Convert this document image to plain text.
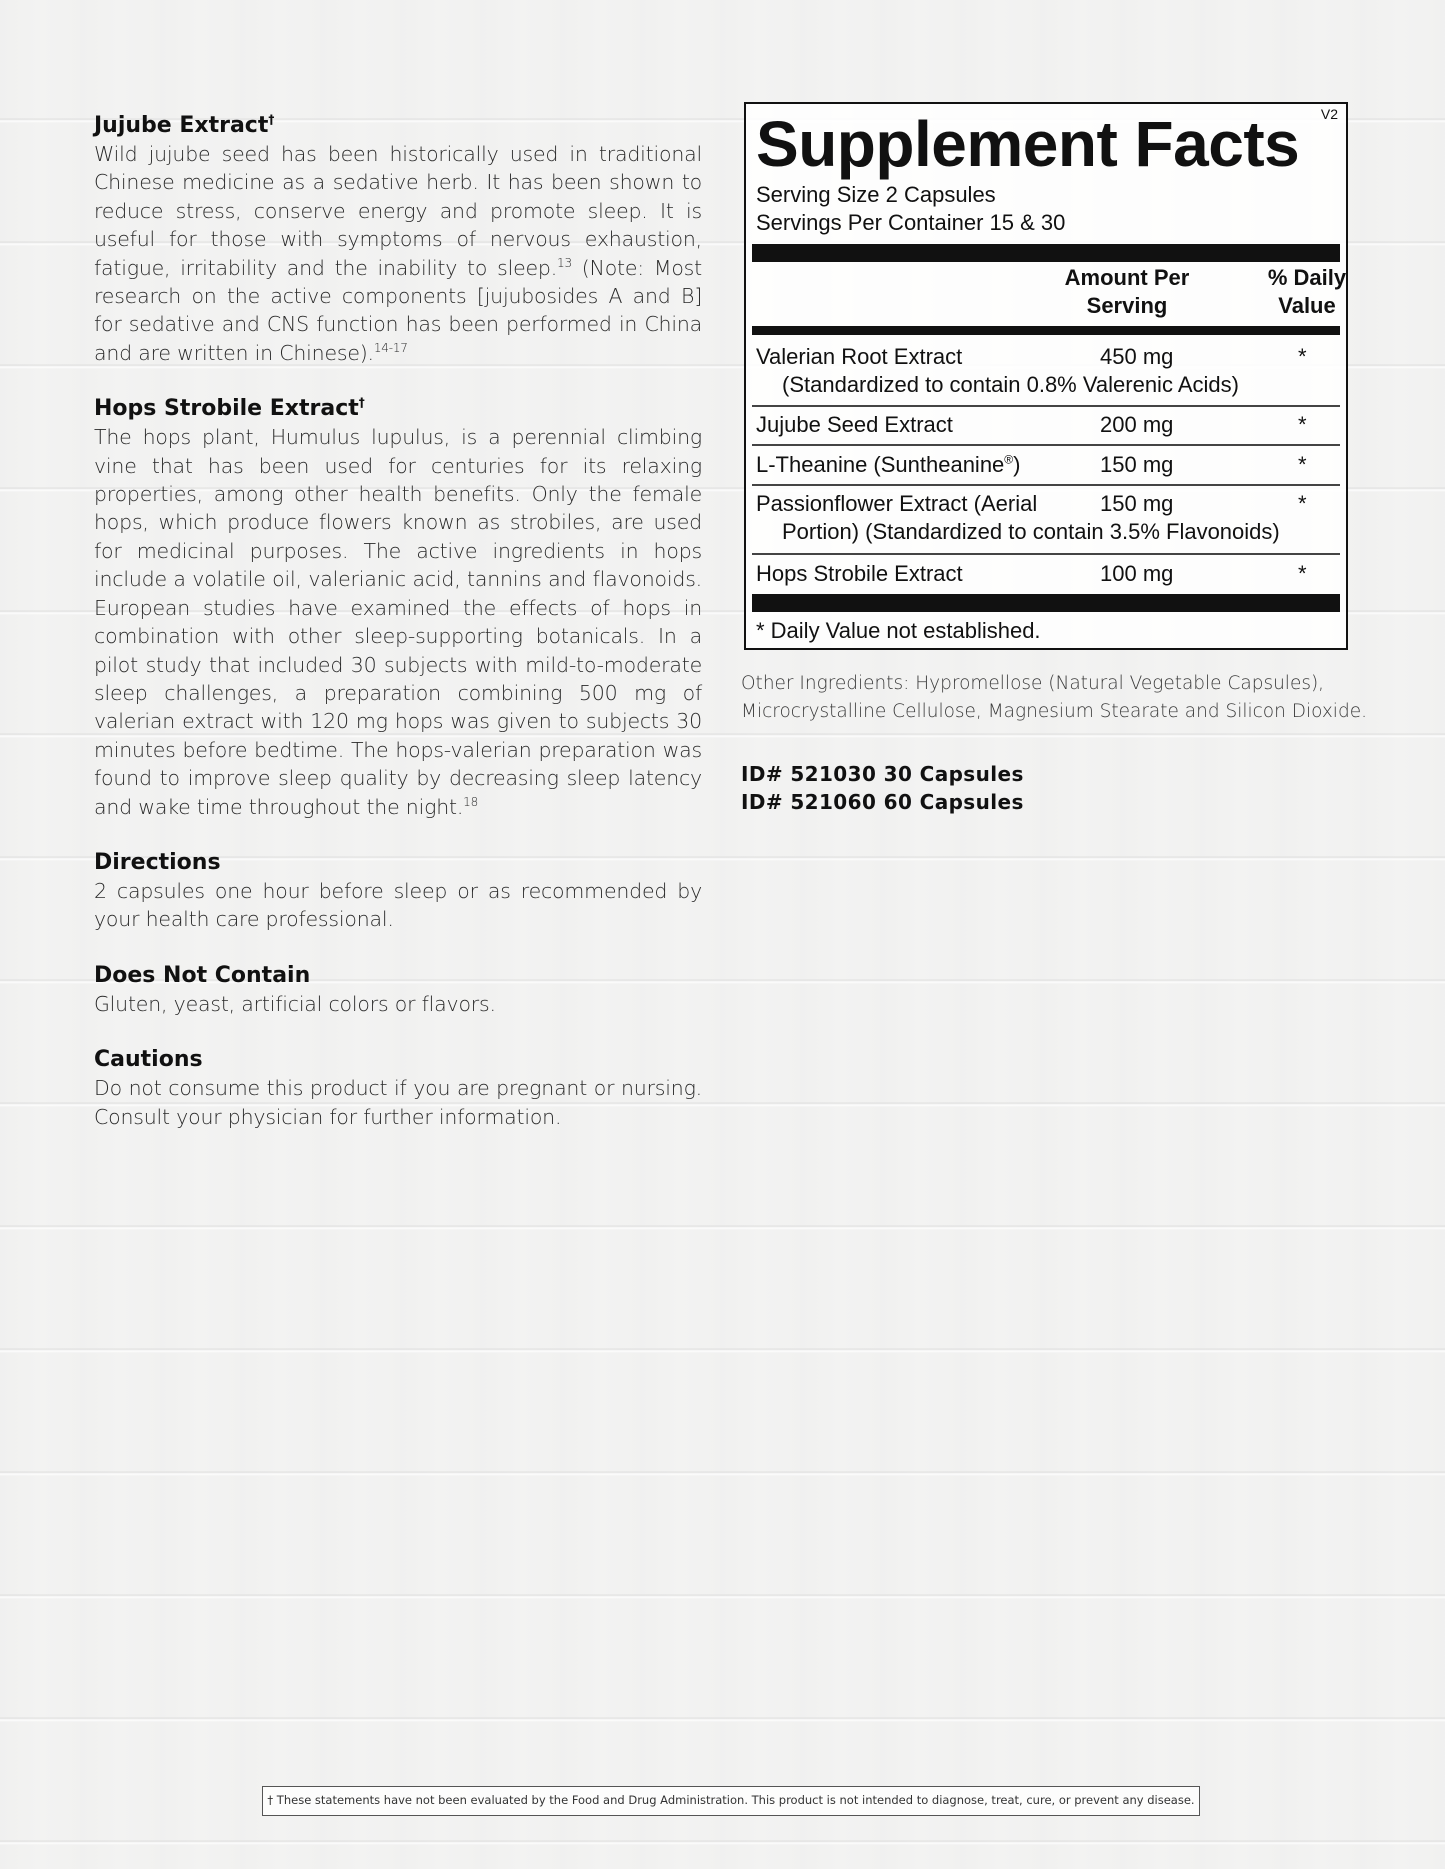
Jujube Extract†

Wild jujube seed has been historically used in traditional Chinese medicine as a sedative herb. It has been shown to reduce stress, conserve energy and promote sleep. It is useful for those with symptoms of nervous exhaustion, fatigue, irritability and the inability to sleep.$^{13}$ (Note: Most research on the active components [jujubosides A and B] for sedative and CNS function has been performed in China and are written in Chinese).$^{14-17}$

Hops Strobile Extract†

The hops plant, Humulus lupulus, is a perennial climbing vine that has been used for centuries for its relaxing properties, among other health benefits. Only the female hops, which produce flowers known as strobiles, are used for medicinal purposes. The active ingredients in hops include a volatile oil, valerianic acid, tannins and flavonoids. European studies have examined the effects of hops in combination with other sleep-supporting botanicals. In a pilot study that included 30 subjects with mild-to-moderate sleep challenges, a preparation combining 500 mg of valerian extract with 120 mg hops was given to subjects 30 minutes before bedtime. The hops-valerian preparation was found to improve sleep quality by decreasing sleep latency and wake time throughout the night.$^{18}$

Directions

2 capsules one hour before sleep or as recommended by your health care professional.

Does Not Contain

Gluten, yeast, artificial colors or flavors.

Cautions

Do not consume this product if you are pregnant or nursing. Consult your physician for further information.

V2
Supplement Facts
Serving Size 2 Capsules
Servings Per Container 15 & 30
Amount Per
Serving
% Daily
Value
Valerian Root Extract	450 mg	*
(Standardized to contain 0.8% Valerenic Acids)
Jujube Seed Extract	200 mg	*
L-Theanine (Suntheanine®)	150 mg	*
Passionflower Extract (Aerial	150 mg	*
Portion) (Standardized to contain 3.5% Flavonoids)
Hops Strobile Extract	100 mg	*
* Daily Value not established.
Other Ingredients: Hypromellose (Natural Vegetable Capsules), Microcrystalline Cellulose, Magnesium Stearate and Silicon Dioxide.
ID# 521030 30 Capsules
ID# 521060 60 Capsules
† These statements have not been evaluated by the Food and Drug Administration. This product is not intended to diagnose, treat, cure, or prevent any disease.
